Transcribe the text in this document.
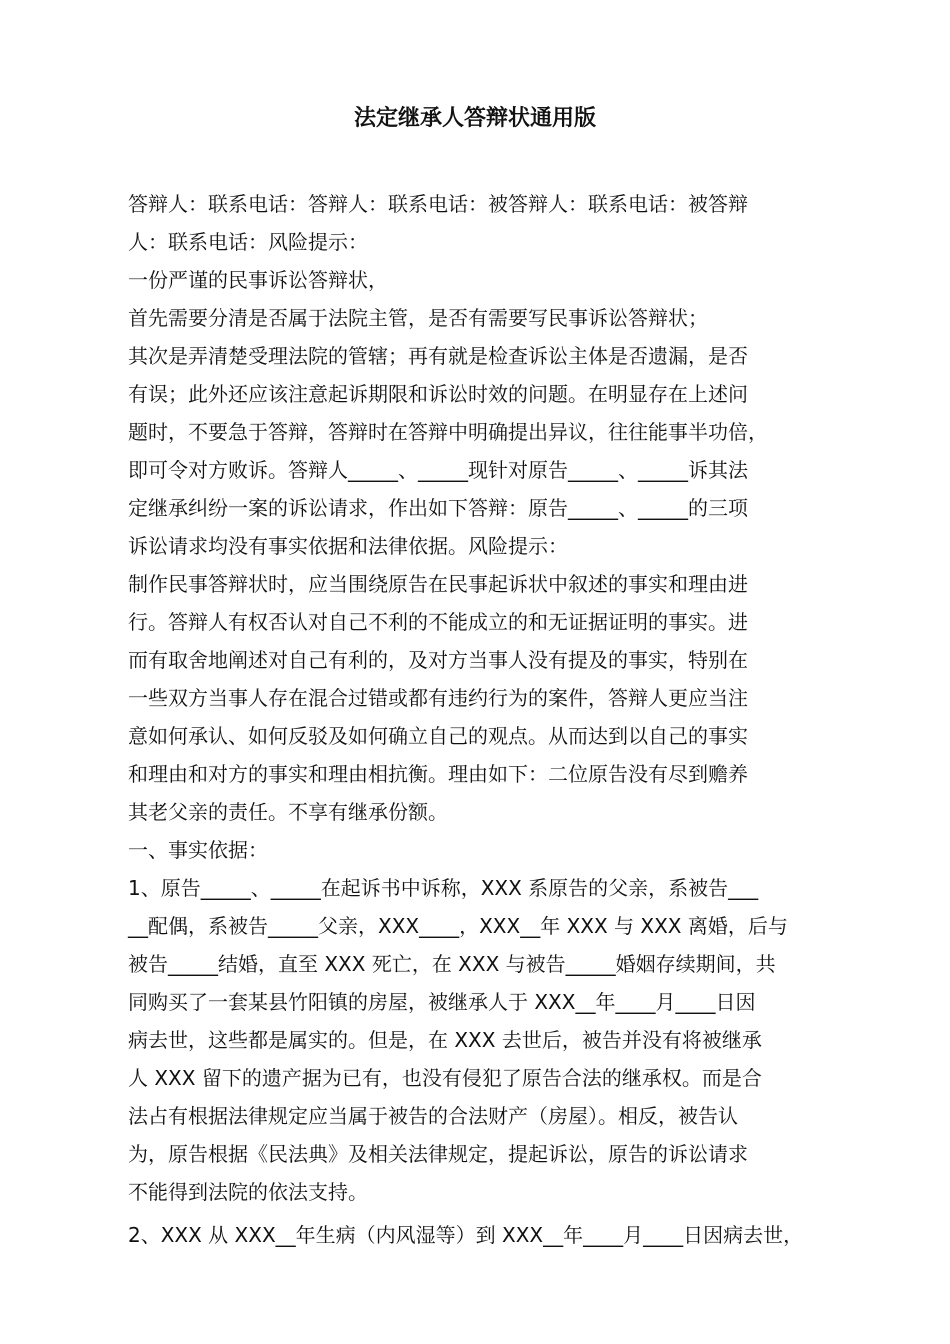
法定继承人答辩状通用版
答辩人：联系电话：答辩人：联系电话：被答辩人：联系电话：被答辩
人：联系电话：风险提示：
一份严谨的民事诉讼答辩状，
首先需要分清是否属于法院主管，是否有需要写民事诉讼答辩状；
其次是弄清楚受理法院的管辖；再有就是检查诉讼主体是否遗漏，是否
有误；此外还应该注意起诉期限和诉讼时效的问题。在明显存在上述问
题时，不要急于答辩，答辩时在答辩中明确提出异议，往往能事半功倍，
即可令对方败诉。答辩人_____、_____现针对原告_____、_____诉其法
定继承纠纷一案的诉讼请求，作出如下答辩：原告_____、_____的三项
诉讼请求均没有事实依据和法律依据。风险提示：
制作民事答辩状时，应当围绕原告在民事起诉状中叙述的事实和理由进
行。答辩人有权否认对自己不利的不能成立的和无证据证明的事实。进
而有取舍地阐述对自己有利的，及对方当事人没有提及的事实，特别在
一些双方当事人存在混合过错或都有违约行为的案件，答辩人更应当注
意如何承认、如何反驳及如何确立自己的观点。从而达到以自己的事实
和理由和对方的事实和理由相抗衡。理由如下：二位原告没有尽到赡养
其老父亲的责任。不享有继承份额。
一、事实依据：
1、原告_____、_____在起诉书中诉称，XXX 系原告的父亲，系被告___
__配偶，系被告_____父亲，XXX____，XXX__年 XXX 与 XXX 离婚，后与
被告_____结婚，直至 XXX 死亡，在 XXX 与被告_____婚姻存续期间，共
同购买了一套某县竹阳镇的房屋，被继承人于 XXX__年____月____日因
病去世，这些都是属实的。但是，在 XXX 去世后，被告并没有将被继承
人 XXX 留下的遗产据为已有，也没有侵犯了原告合法的继承权。而是合
法占有根据法律规定应当属于被告的合法财产（房屋）。相反，被告认
为，原告根据《民法典》及相关法律规定，提起诉讼，原告的诉讼请求
不能得到法院的依法支持。
2、XXX 从 XXX__年生病（内风湿等）到 XXX__年____月____日因病去世，
